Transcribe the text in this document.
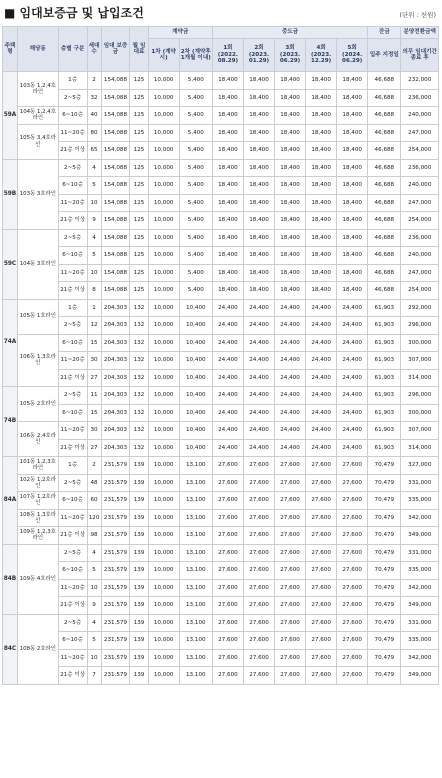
■ 임대보증금 및 납입조건	(단위 : 천원)
주택형	해당동	층별 구분	세대수	임대 보증금	월 임대료	계약금		중도금					잔금	분양전환금액
						1차 (계약시)	2차 (계약후 1개월 이내)	1회 (2022. 08.29)	2회 (2023. 01.29)	3회 (2023. 06.29)	4회 (2023. 12.29)	5회 (2024. 06.29)	입주 지정일	의무 임대기간 종료 후
59A	103동 1,2,4호라인	1층	2	154,088	125	10,000	5,400	18,400	18,400	18,400	18,400	18,400	46,688	232,000
		2~5층	32	154,088	125	10,000	5,400	18,400	18,400	18,400	18,400	18,400	46,688	236,000
	104동 1,2,4호라인	6~10층	40	154,088	125	10,000	5,400	18,400	18,400	18,400	18,400	18,400	46,688	240,000
	105동 3,4호라인	11~20층	80	154,088	125	10,000	5,400	18,400	18,400	18,400	18,400	18,400	46,688	247,000
		21층 이상	65	154,088	125	10,000	5,400	18,400	18,400	18,400	18,400	18,400	46,688	254,000
59B	103동 3호라인	2~5층	4	154,088	125	10,000	5,400	18,400	18,400	18,400	18,400	18,400	46,688	236,000
		6~10층	5	154,088	125	10,000	5,400	18,400	18,400	18,400	18,400	18,400	46,688	240,000
		11~20층	10	154,088	125	10,000	5,400	18,400	18,400	18,400	18,400	18,400	46,688	247,000
		21층 이상	9	154,088	125	10,000	5,400	18,400	18,400	18,400	18,400	18,400	46,688	254,000
59C	104동 3호라인	2~5층	4	154,088	125	10,000	5,400	18,400	18,400	18,400	18,400	18,400	46,688	236,000
		6~10층	5	154,088	125	10,000	5,400	18,400	18,400	18,400	18,400	18,400	46,688	240,000
		11~20층	10	154,088	125	10,000	5,400	18,400	18,400	18,400	18,400	18,400	46,688	247,000
		21층 이상	8	154,088	125	10,000	5,400	18,400	18,400	18,400	18,400	18,400	46,688	254,000
74A	105동 1호라인	1층	1	204,303	132	10,000	10,400	24,400	24,400	24,400	24,400	24,400	61,903	292,000
		2~5층	12	204,303	132	10,000	10,400	24,400	24,400	24,400	24,400	24,400	61,903	296,000
	106동 1,3호라인	6~10층	15	204,303	132	10,000	10,400	24,400	24,400	24,400	24,400	24,400	61,903	300,000
		11~20층	30	204,303	132	10,000	10,400	24,400	24,400	24,400	24,400	24,400	61,903	307,000
		21층 이상	27	204,303	132	10,000	10,400	24,400	24,400	24,400	24,400	24,400	61,903	314,000
74B	105동 2호라인	2~5층	11	204,303	132	10,000	10,400	24,400	24,400	24,400	24,400	24,400	61,903	296,000
		6~10층	15	204,303	132	10,000	10,400	24,400	24,400	24,400	24,400	24,400	61,903	300,000
	106동 2,4호라인	11~20층	30	204,303	132	10,000	10,400	24,400	24,400	24,400	24,400	24,400	61,903	307,000
		21층 이상	27	204,303	132	10,000	10,400	24,400	24,400	24,400	24,400	24,400	61,903	314,000
84A	101동 1,2,3호라인	1층	2	231,579	139	10,000	13,100	27,600	27,600	27,600	27,600	27,600	70,479	327,000
	102동 1,2호라인	2~5층	48	231,579	139	10,000	13,100	27,600	27,600	27,600	27,600	27,600	70,479	331,000
	107동 1,2호라인	6~10층	60	231,579	139	10,000	13,100	27,600	27,600	27,600	27,600	27,600	70,479	335,000
	108동 1,3호라인	11~20층	120	231,579	139	10,000	13,100	27,600	27,600	27,600	27,600	27,600	70,479	342,000
	109동 1,2,3호라인	21층 이상	98	231,579	139	10,000	13,100	27,600	27,600	27,600	27,600	27,600	70,479	349,000
84B	109동 4호라인	2~5층	4	231,579	139	10,000	13,100	27,600	27,600	27,600	27,600	27,600	70,479	331,000
		6~10층	5	231,579	139	10,000	13,100	27,600	27,600	27,600	27,600	27,600	70,479	335,000
		11~20층	10	231,579	139	10,000	13,100	27,600	27,600	27,600	27,600	27,600	70,479	342,000
		21층 이상	9	231,579	139	10,000	13,100	27,600	27,600	27,600	27,600	27,600	70,479	349,000
84C	108동 2호라인	2~5층	4	231,579	139	10,000	13,100	27,600	27,600	27,600	27,600	27,600	70,479	331,000
		6~10층	5	231,579	139	10,000	13,100	27,600	27,600	27,600	27,600	27,600	70,479	335,000
		11~20층	10	231,579	139	10,000	13,100	27,600	27,600	27,600	27,600	27,600	70,479	342,000
		21층 이상	7	231,579	139	10,000	13,100	27,600	27,600	27,600	27,600	27,600	70,479	349,000
